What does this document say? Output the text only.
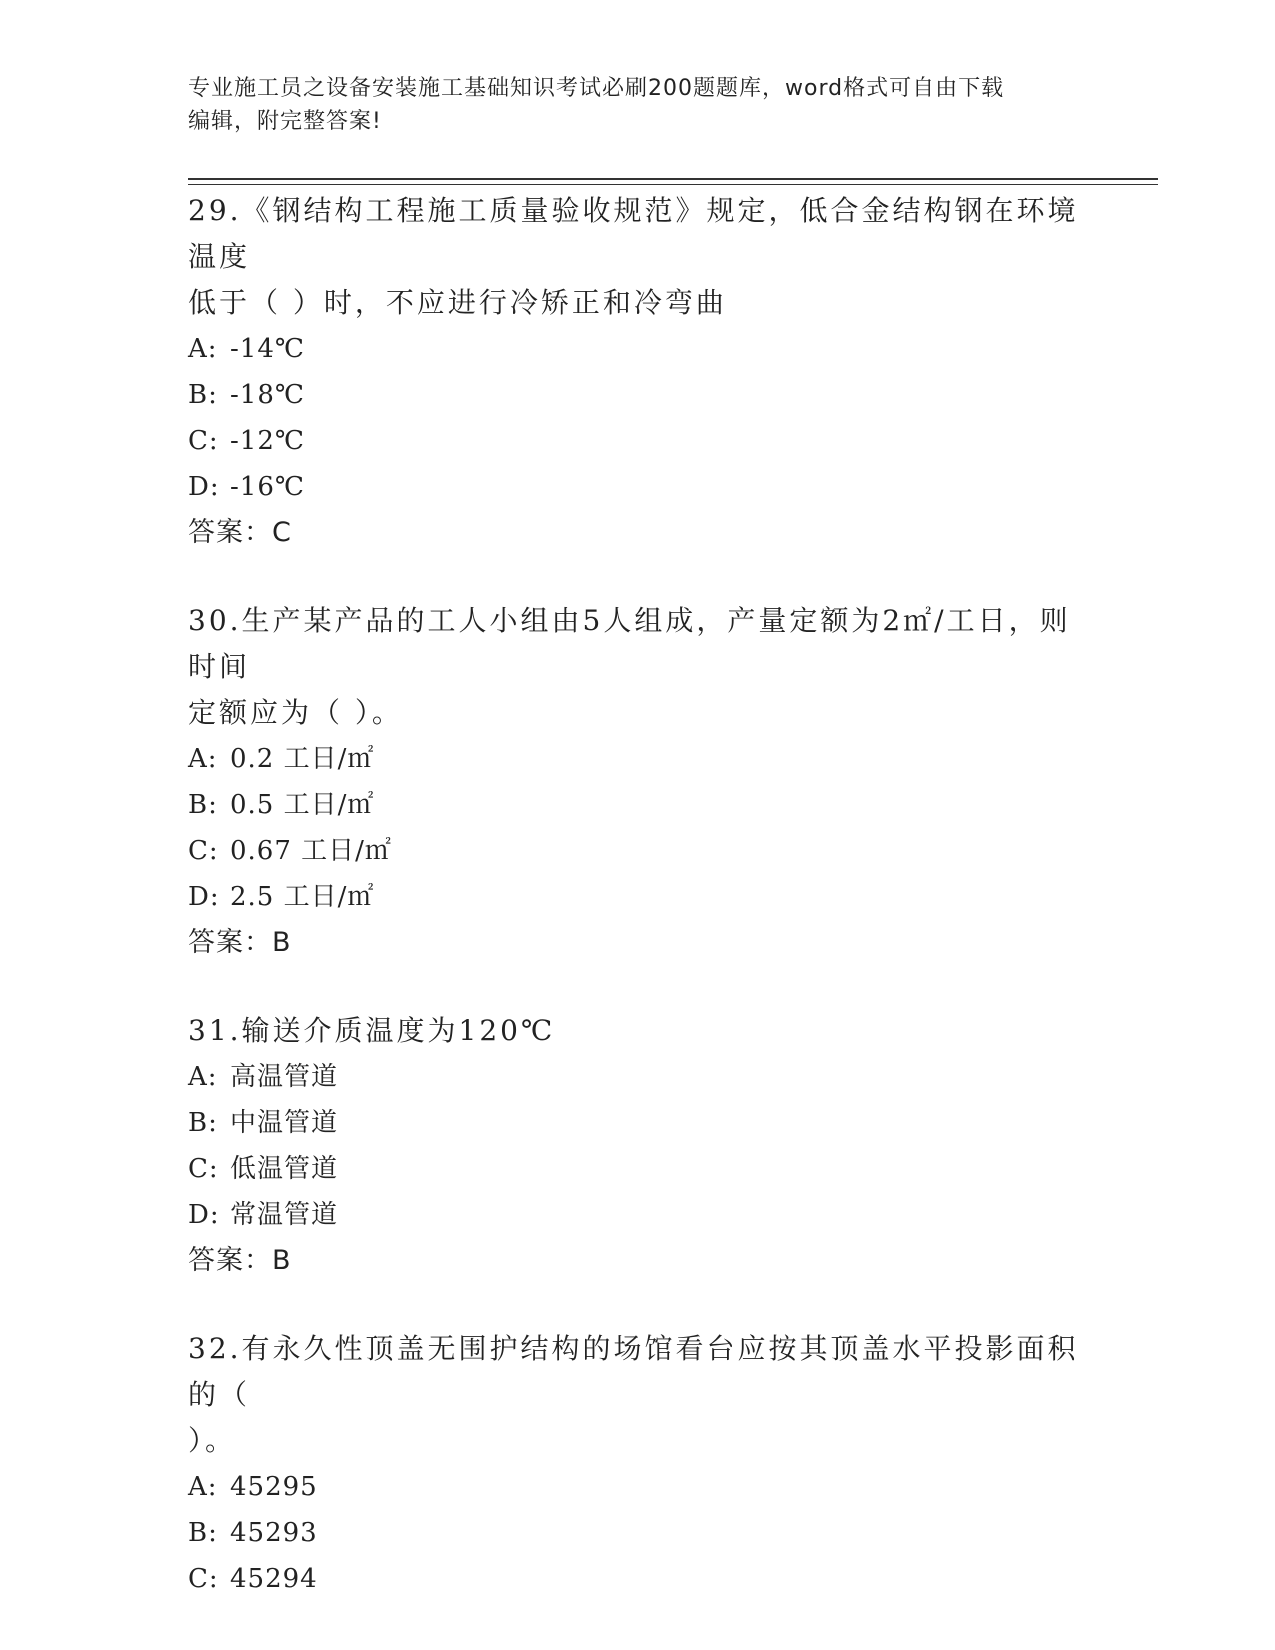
专业施工员之设备安装施工基础知识考试必刷200题题库，word格式可自由下载
编辑，附完整答案!
29.《钢结构工程施工质量验收规范》规定，低合金结构钢在环境温度
低于（ ）时，不应进行冷矫正和冷弯曲
A: -14℃
B: -18℃
C: -12℃
D: -16℃
答案：C
30.生产某产品的工人小组由5人组成，产量定额为2㎡/工日，则时间
定额应为（ ）。
A: 0.2 工日/㎡
B: 0.5 工日/㎡
C: 0.67 工日/㎡
D: 2.5 工日/㎡
答案：B
31.输送介质温度为120℃
A: 高温管道
B: 中温管道
C: 低温管道
D: 常温管道
答案：B
32.有永久性顶盖无围护结构的场馆看台应按其顶盖水平投影面积的（
）。
A: 45295
B: 45293
C: 45294
